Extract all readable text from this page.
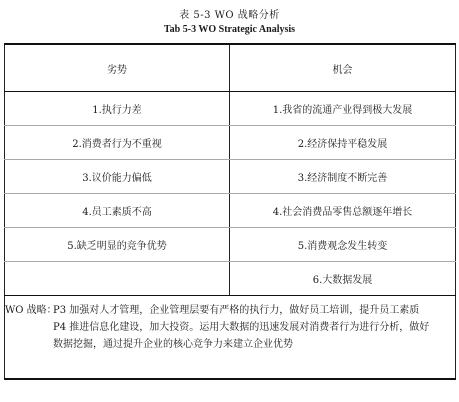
表 5-3 WO 战略分析
Tab 5-3 WO Strategic Analysis
劣势	机会
1.执行力差	1.我省的流通产业得到极大发展
2.消费者行为不重视	2.经济保持平稳发展
3.议价能力偏低	3.经济制度不断完善
4.员工素质不高	4.社会消费品零售总额逐年增长
5.缺乏明显的竞争优势	5.消费观念发生转变
	6.大数据发展

WO 战略：
P3 加强对人才管理，企业管理层要有严格的执行力，做好员工培训，提升员工素质
P4 推进信息化建设，加大投资。运用大数据的迅速发展对消费者行为进行分析，做好
数据挖掘，通过提升企业的核心竞争力来建立企业优势	
